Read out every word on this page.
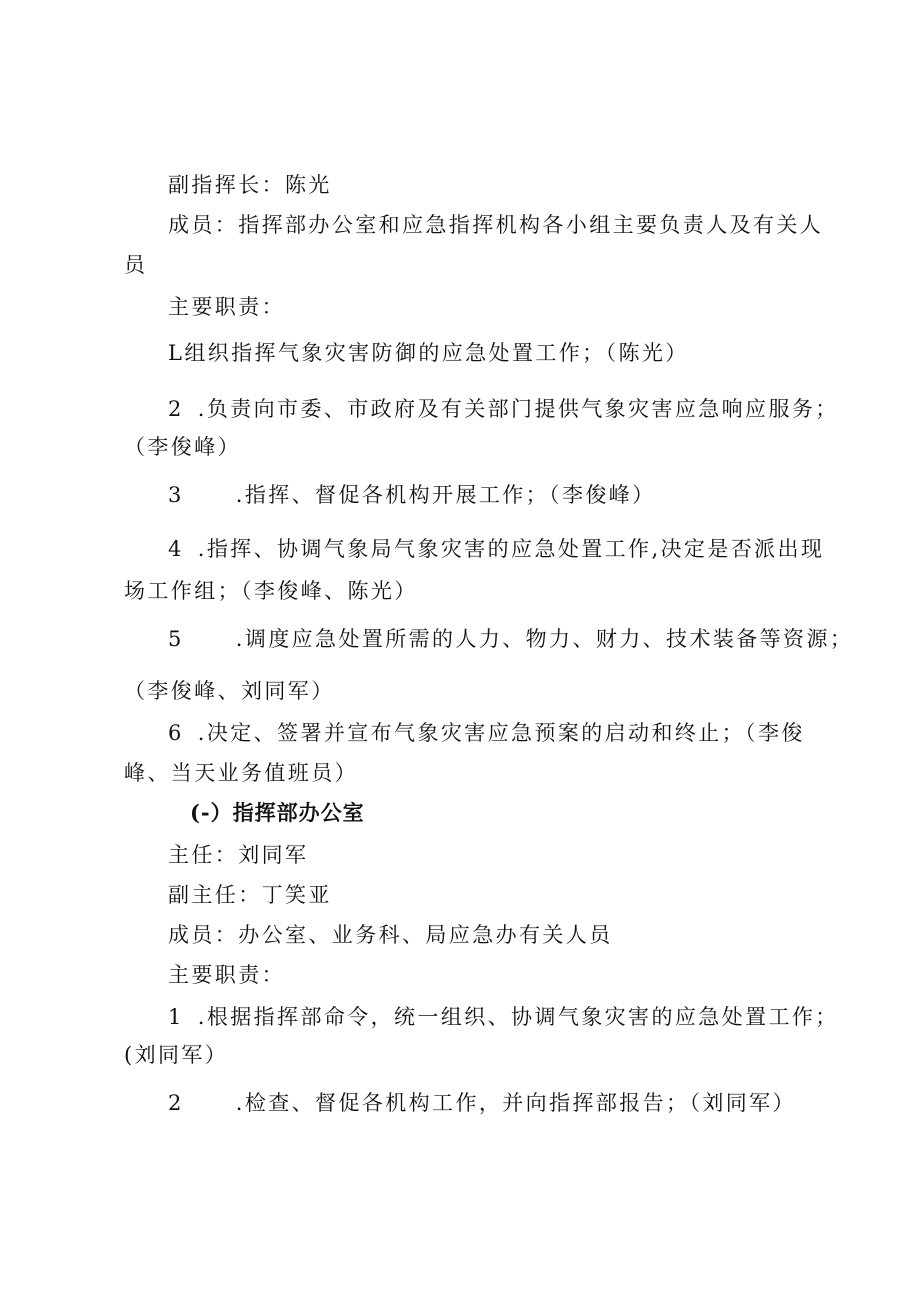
副指挥长：陈光
成员：指挥部办公室和应急指挥机构各小组主要负责人及有关人
员
主要职责：
L组织指挥气象灾害防御的应急处置工作；（陈光）
2 .负责向市委、市政府及有关部门提供气象灾害应急响应服务；
（李俊峰）
3 .指挥、督促各机构开展工作；（李俊峰）
4 .指挥、协调气象局气象灾害的应急处置工作,决定是否派出现
场工作组；（李俊峰、陈光）
5 .调度应急处置所需的人力、物力、财力、技术装备等资源；
（李俊峰、刘同军）
6 .决定、签署并宣布气象灾害应急预案的启动和终止；（李俊
峰、当天业务值班员）
(-）指挥部办公室
主任：刘同军
副主任：丁笑亚
成员：办公室、业务科、局应急办有关人员
主要职责：
1 .根据指挥部命令，统一组织、协调气象灾害的应急处置工作；
(刘同军）
2 .检查、督促各机构工作，并向指挥部报告；（刘同军）
